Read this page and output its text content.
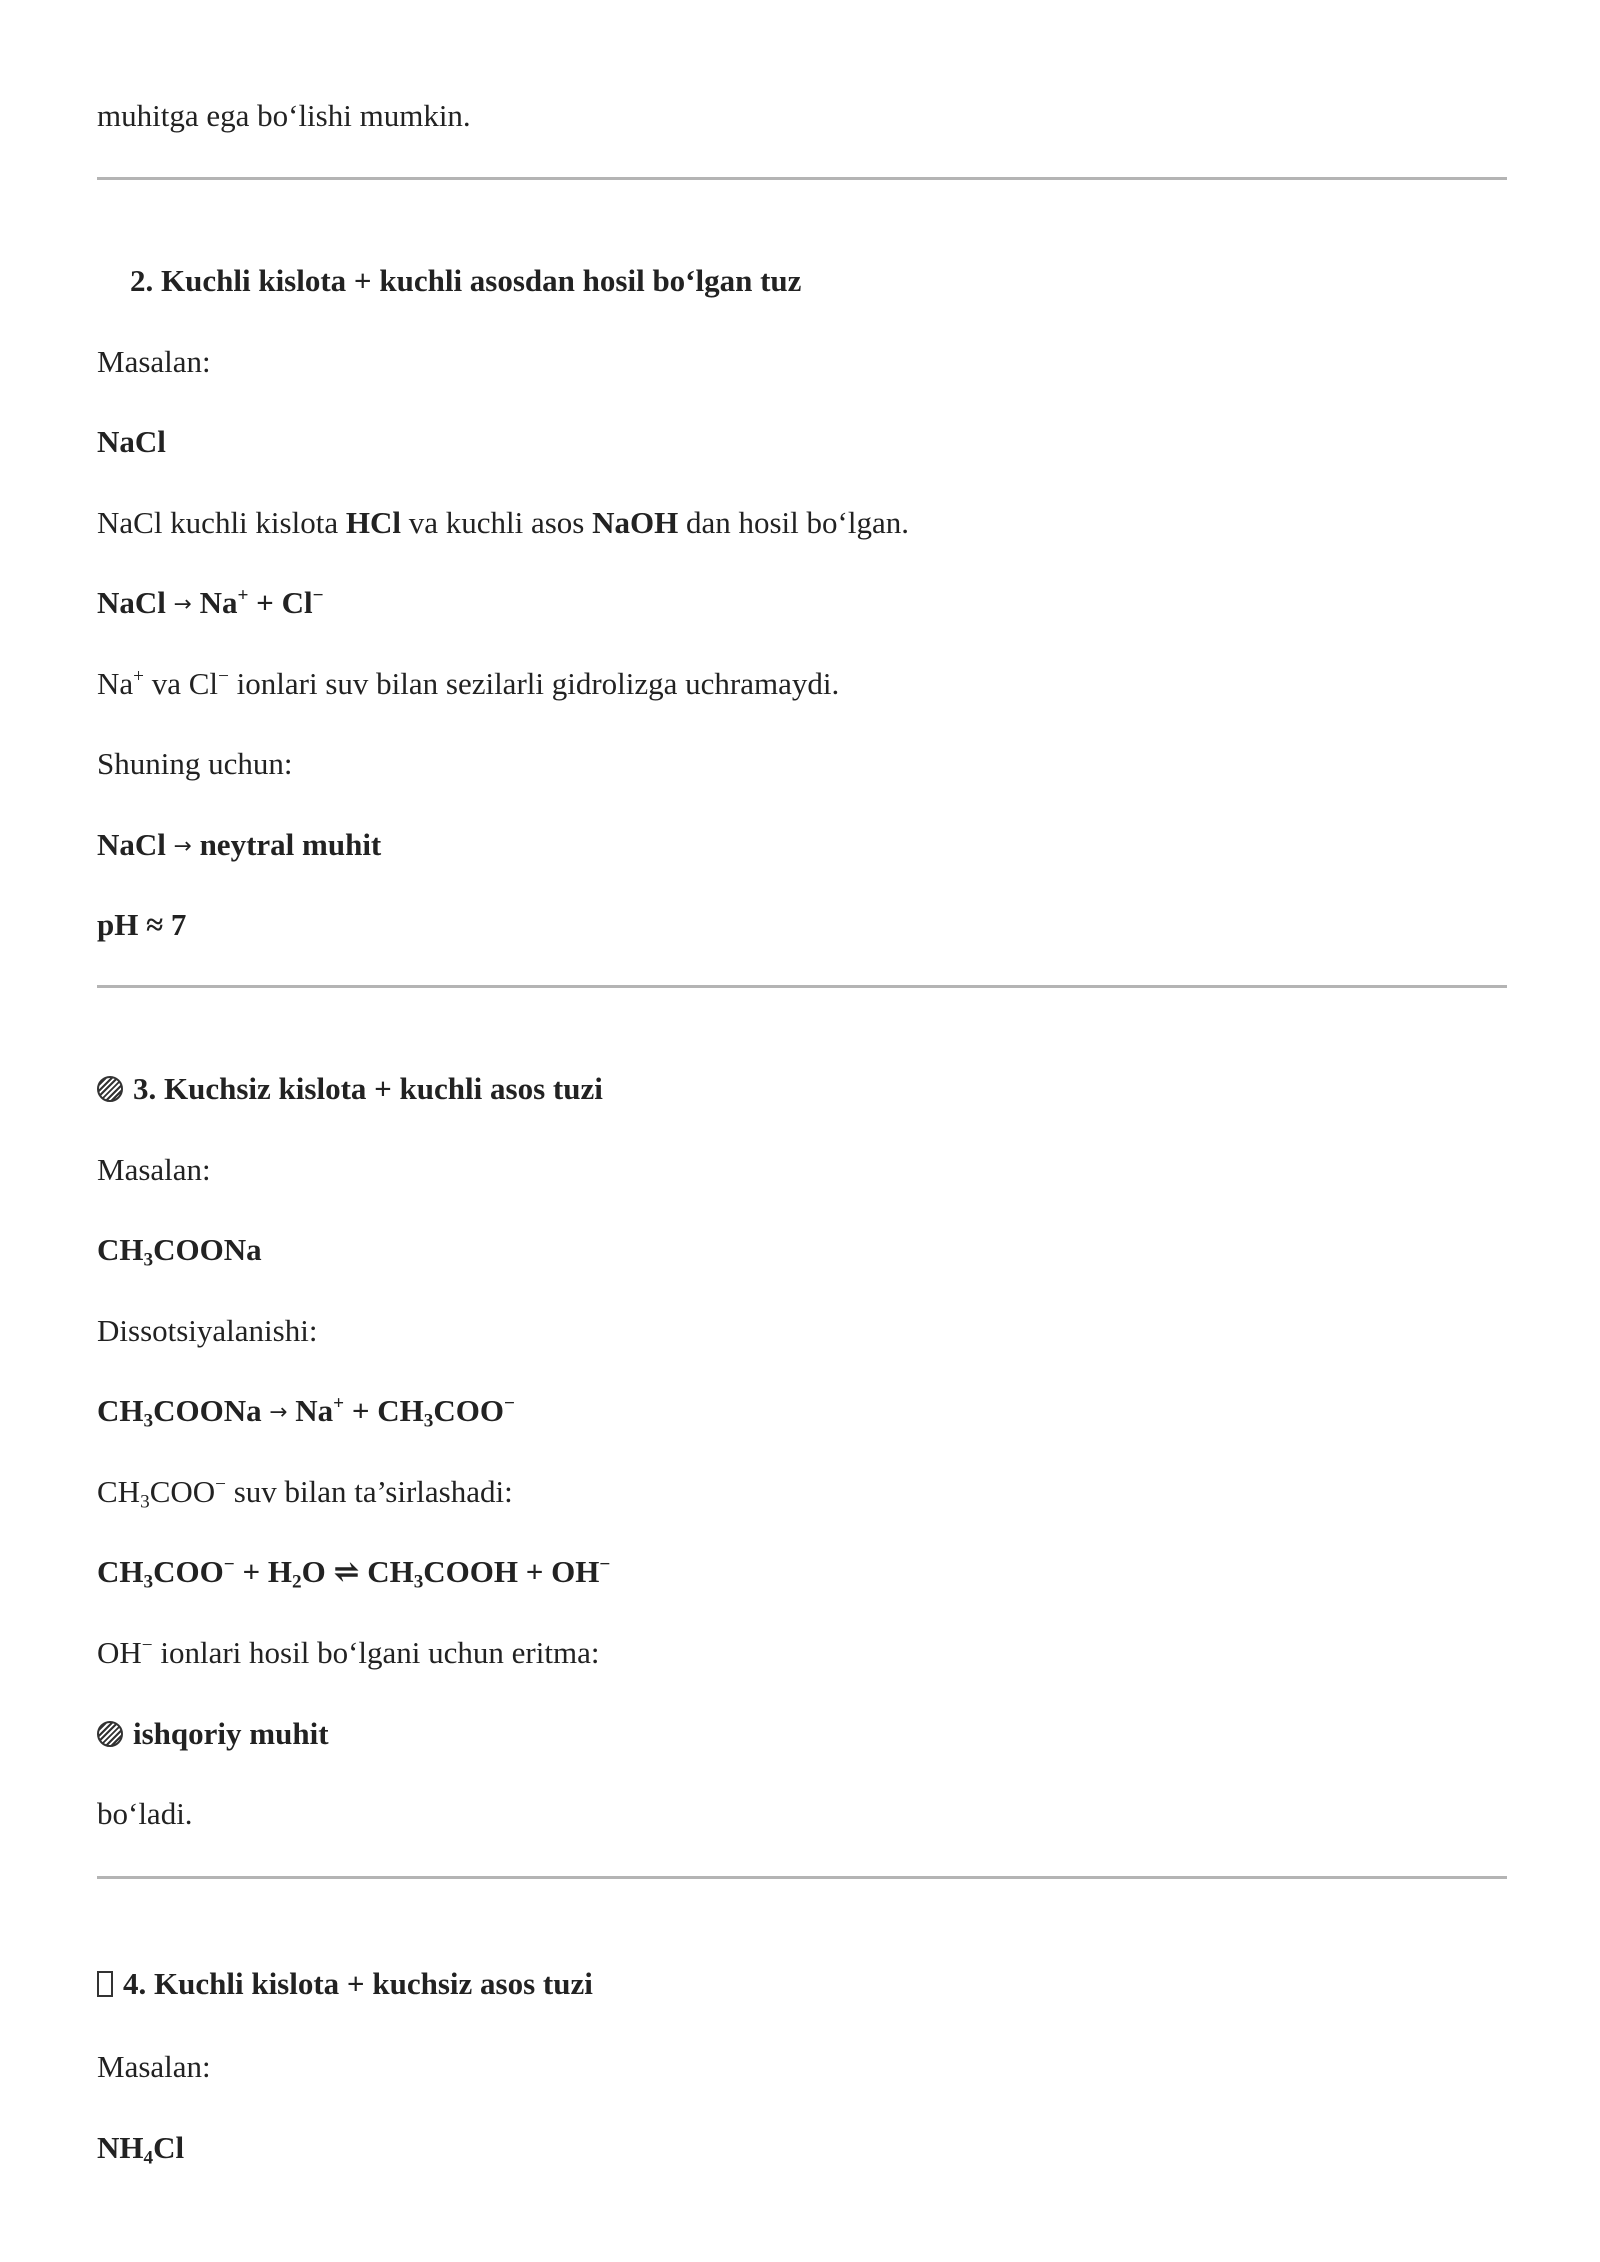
muhitga ega bo‘lishi mumkin.
2. Kuchli kislota + kuchli asosdan hosil bo‘lgan tuz
Masalan:
NaCl
NaCl kuchli kislota HCl va kuchli asos NaOH dan hosil bo‘lgan.
NaCl → Na+ + Cl−
Na+ va Cl− ionlari suv bilan sezilarli gidrolizga uchramaydi.
Shuning uchun:
NaCl → neytral muhit
pH ≈ 7
3. Kuchsiz kislota + kuchli asos tuzi
Masalan:
$CH_3COONa$
Dissotsiyalanishi:
$CH_3COONa \to Na^+ + CH_3COO^-$
$CH_3COO^-$ suv bilan ta’sirlashadi:
$CH_3COO^- + H_2O$ ⇌ $CH_3COOH + OH^-$
OH− ionlari hosil bo‘lgani uchun eritma:
ishqoriy muhit
bo‘ladi.
4. Kuchli kislota + kuchsiz asos tuzi
Masalan:
$NH_4Cl$
